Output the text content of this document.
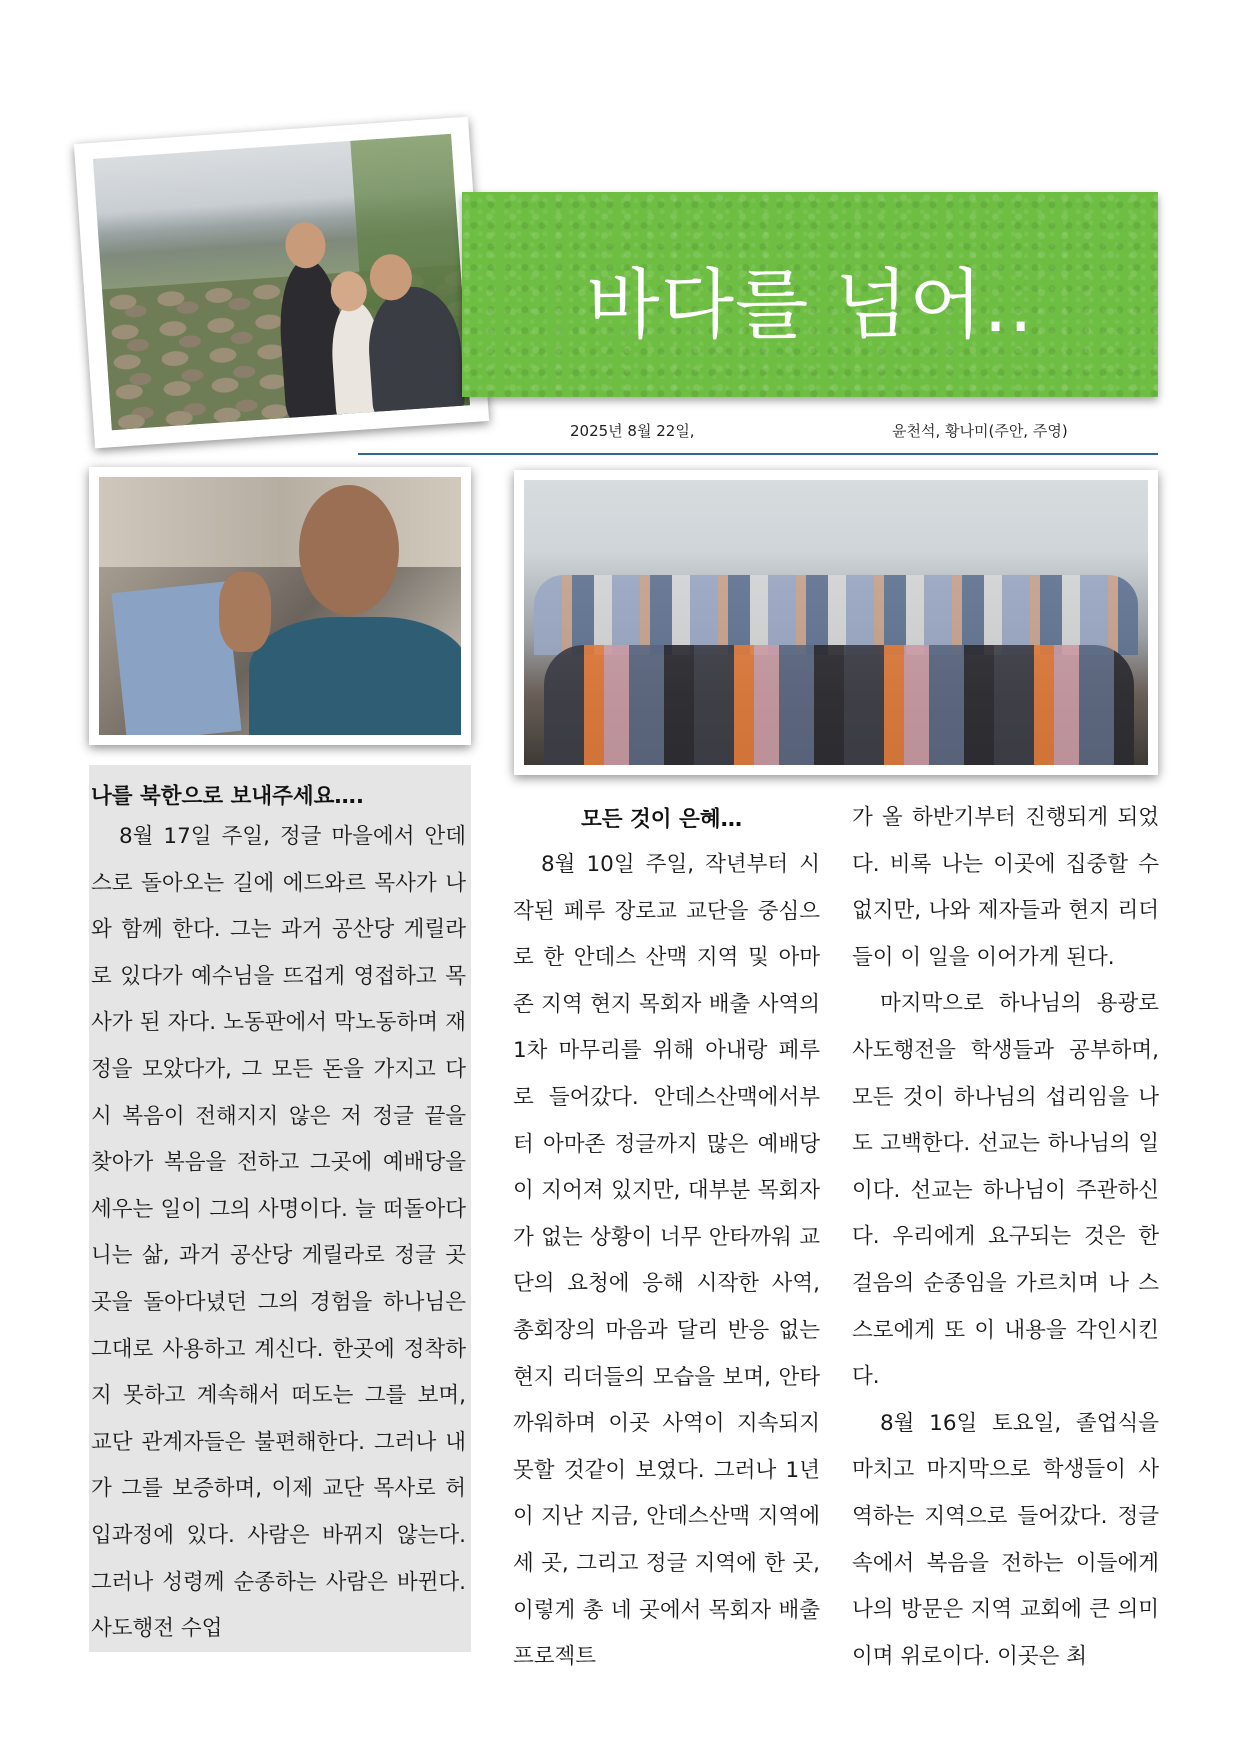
바다를 넘어..
2025년 8월 22일,	윤천석, 황나미(주안, 주영)
나를 북한으로 보내주세요….

8월 17일 주일, 정글 마을에서 안데스로 돌아오는 길에 에드와르 목사가 나와 함께 한다. 그는 과거 공산당 게릴라로 있다가 예수님을 뜨겁게 영접하고 목사가 된 자다. 노동판에서 막노동하며 재정을 모았다가, 그 모든 돈을 가지고 다시 복음이 전해지지 않은 저 정글 끝을 찾아가 복음을 전하고 그곳에 예배당을 세우는 일이 그의 사명이다. 늘 떠돌아다니는 삶, 과거 공산당 게릴라로 정글 곳곳을 돌아다녔던 그의 경험을 하나님은 그대로 사용하고 계신다. 한곳에 정착하지 못하고 계속해서 떠도는 그를 보며, 교단 관계자들은 불편해한다. 그러나 내가 그를 보증하며, 이제 교단 목사로 허입과정에 있다. 사람은 바뀌지 않는다. 그러나 성령께 순종하는 사람은 바뀐다. 사도행전 수업

모든 것이 은혜…

8월 10일 주일, 작년부터 시작된 페루 장로교 교단을 중심으로 한 안데스 산맥 지역 및 아마존 지역 현지 목회자 배출 사역의 1차 마무리를 위해 아내랑 페루로 들어갔다. 안데스산맥에서부터 아마존 정글까지 많은 예배당이 지어져 있지만, 대부분 목회자가 없는 상황이 너무 안타까워 교단의 요청에 응해 시작한 사역, 총회장의 마음과 달리 반응 없는 현지 리더들의 모습을 보며, 안타까워하며 이곳 사역이 지속되지 못할 것같이 보였다. 그러나 1년이 지난 지금, 안데스산맥 지역에 세 곳, 그리고 정글 지역에 한 곳, 이렇게 총 네 곳에서 목회자 배출 프로젝트

가 올 하반기부터 진행되게 되었다. 비록 나는 이곳에 집중할 수 없지만, 나와 제자들과 현지 리더들이 이 일을 이어가게 된다.

마지막으로 하나님의 용광로 사도행전을 학생들과 공부하며, 모든 것이 하나님의 섭리임을 나도 고백한다. 선교는 하나님의 일이다. 선교는 하나님이 주관하신다. 우리에게 요구되는 것은 한 걸음의 순종임을 가르치며 나 스스로에게 또 이 내용을 각인시킨다.

8월 16일 토요일, 졸업식을 마치고 마지막으로 학생들이 사역하는 지역으로 들어갔다. 정글 속에서 복음을 전하는 이들에게 나의 방문은 지역 교회에 큰 의미이며 위로이다. 이곳은 최
